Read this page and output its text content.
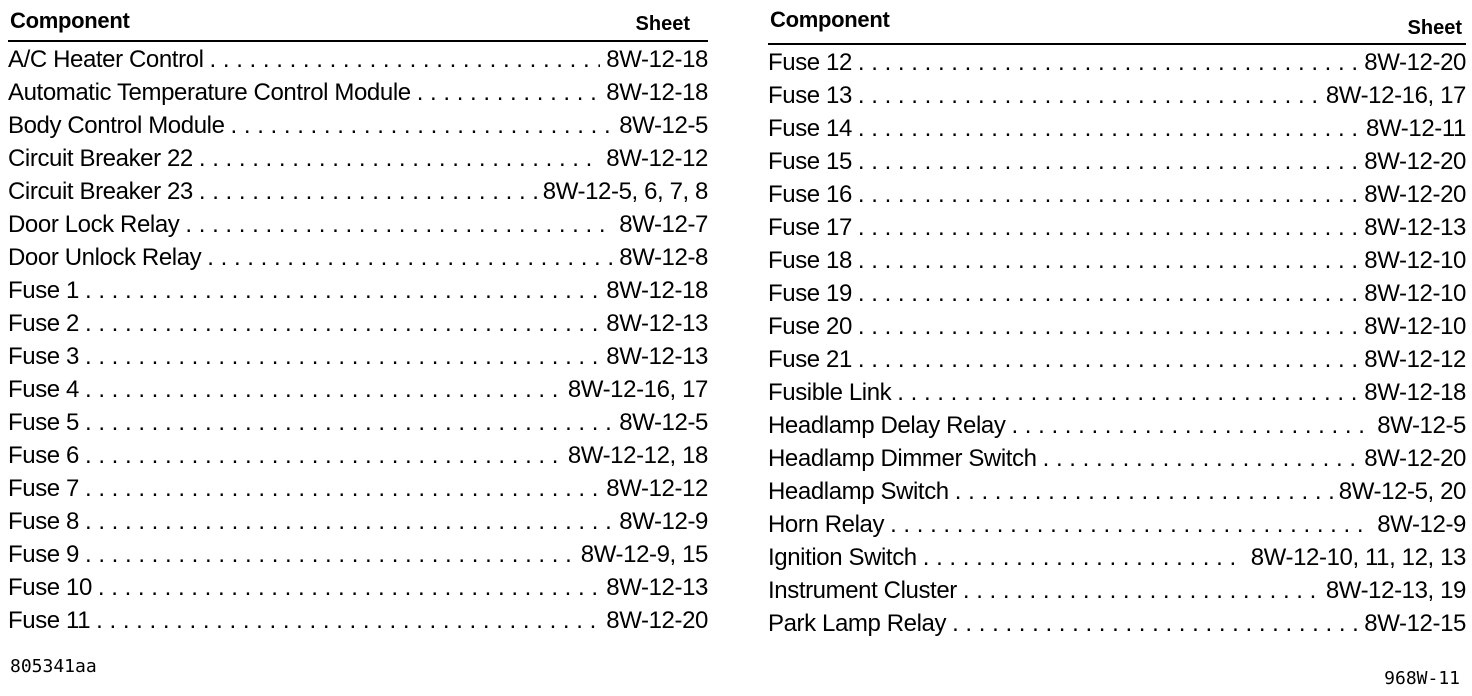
Component	Sheet
A/C Heater Control . . .	8W-12-18
Automatic Temperature Control Module . . .	8W-12-18
Body Control Module . . .	8W-12-5
Circuit Breaker 22 . . .	8W-12-12
Circuit Breaker 23 . . .	8W-12-5, 6, 7, 8
Door Lock Relay . . .	8W-12-7
Door Unlock Relay . . .	8W-12-8
Fuse 1 . . .	8W-12-18
Fuse 2 . . .	8W-12-13
Fuse 3 . . .	8W-12-13
Fuse 4 . . .	8W-12-16, 17
Fuse 5 . . .	8W-12-5
Fuse 6 . . .	8W-12-12, 18
Fuse 7 . . .	8W-12-12
Fuse 8 . . .	8W-12-9
Fuse 9 . . .	8W-12-9, 15
Fuse 10 . . .	8W-12-13
Fuse 11 . . .	8W-12-20
Component	Sheet
Fuse 12 . . .	8W-12-20
Fuse 13 . . .	8W-12-16, 17
Fuse 14 . . .	8W-12-11
Fuse 15 . . .	8W-12-20
Fuse 16 . . .	8W-12-20
Fuse 17 . . .	8W-12-13
Fuse 18 . . .	8W-12-10
Fuse 19 . . .	8W-12-10
Fuse 20 . . .	8W-12-10
Fuse 21 . . .	8W-12-12
Fusible Link . . .	8W-12-18
Headlamp Delay Relay . . .	8W-12-5
Headlamp Dimmer Switch . . .	8W-12-20
Headlamp Switch . . .	8W-12-5, 20
Horn Relay . . .	8W-12-9
Ignition Switch . . .	8W-12-10, 11, 12, 13
Instrument Cluster . . .	8W-12-13, 19
Park Lamp Relay . . .	8W-12-15
805341aa
968W-11
